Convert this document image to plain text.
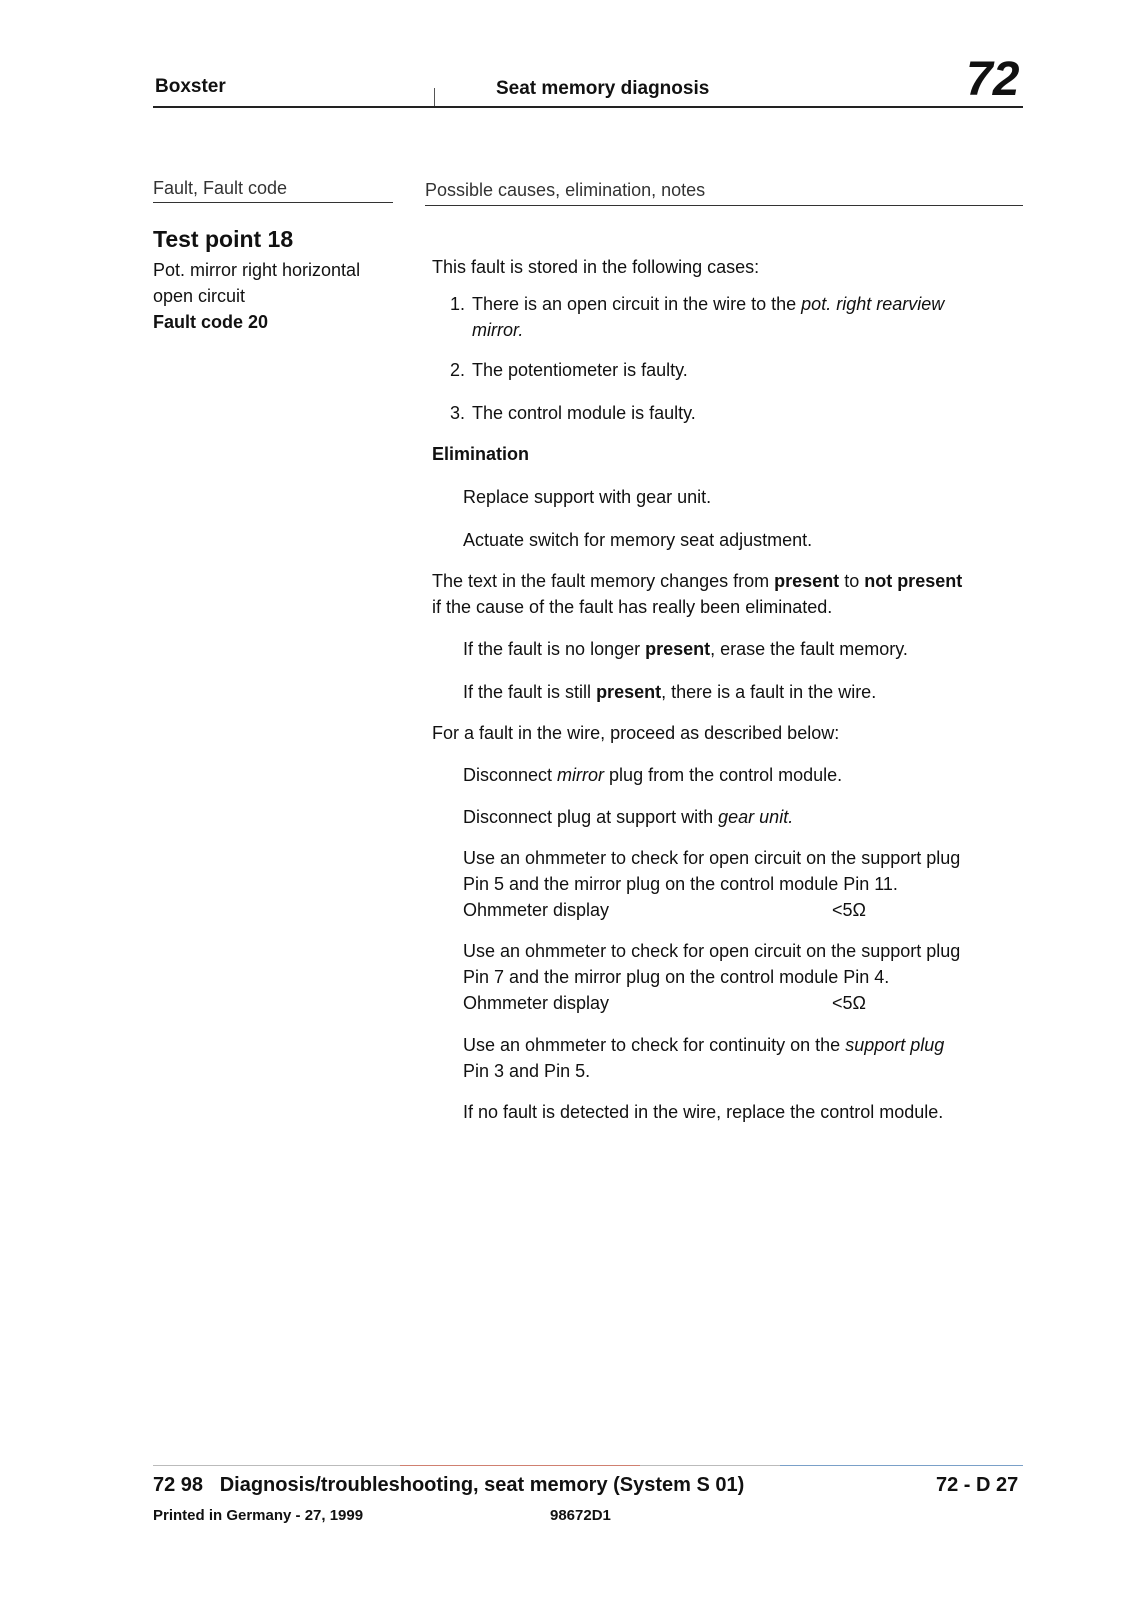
Boxster	Seat memory diagnosis	72
Fault, Fault code	Possible causes, elimination, notes
Test point 18
Pot. mirror right horizontal
open circuit
Fault code 20
This fault is stored in the following cases:
1. There is an open circuit in the wire to the pot. right rearview
mirror.
2. The potentiometer is faulty.
3. The control module is faulty.
Elimination
Replace support with gear unit.
Actuate switch for memory seat adjustment.
The text in the fault memory changes from present to not present
if the cause of the fault has really been eliminated.
If the fault is no longer present, erase the fault memory.
If the fault is still present, there is a fault in the wire.
For a fault in the wire, proceed as described below:
Disconnect mirror plug from the control module.
Disconnect plug at support with gear unit.
Use an ohmmeter to check for open circuit on the support plug
Pin 5 and the mirror plug on the control module Pin 11.
Ohmmeter display	<5Ω
Use an ohmmeter to check for open circuit on the support plug
Pin 7 and the mirror plug on the control module Pin 4.
Ohmmeter display	<5Ω
Use an ohmmeter to check for continuity on the support plug
Pin 3 and Pin 5.
If no fault is detected in the wire, replace the control module.
72 98   Diagnosis/troubleshooting, seat memory (System S 01)	72 - D 27
Printed in Germany - 27, 1999	98672D1
